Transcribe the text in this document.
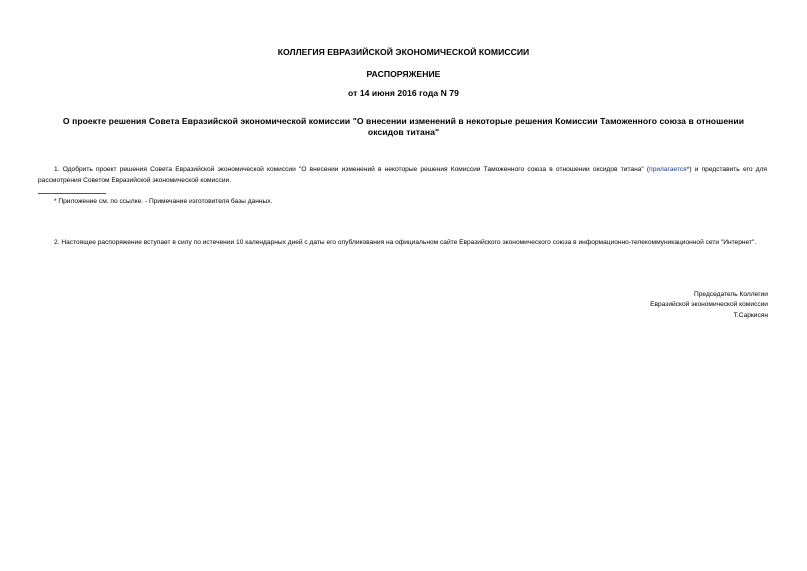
КОЛЛЕГИЯ ЕВРАЗИЙСКОЙ ЭКОНОМИЧЕСКОЙ КОМИССИИ
РАСПОРЯЖЕНИЕ
от 14 июня 2016 года N 79
О проекте решения Совета Евразийской экономической комиссии "О внесении изменений в некоторые решения Комиссии Таможенного союза в отношении оксидов титана"
1. Одобрить проект решения Совета Евразийской экономической комиссии "О внесении изменений в некоторые решения Комиссии Таможенного союза в отношении оксидов титана" (прилагается*) и представить его для рассмотрения Советом Евразийской экономической комиссии.
* Приложение см. по ссылке. - Примечание изготовителя базы данных.
2. Настоящее распоряжение вступает в силу по истечении 10 календарных дней с даты его опубликования на официальном сайте Евразийского экономического союза в информационно-телекоммуникационной сети "Интернет".
Председатель Коллегии
Евразийской экономической комиссии
Т.Саркисян
